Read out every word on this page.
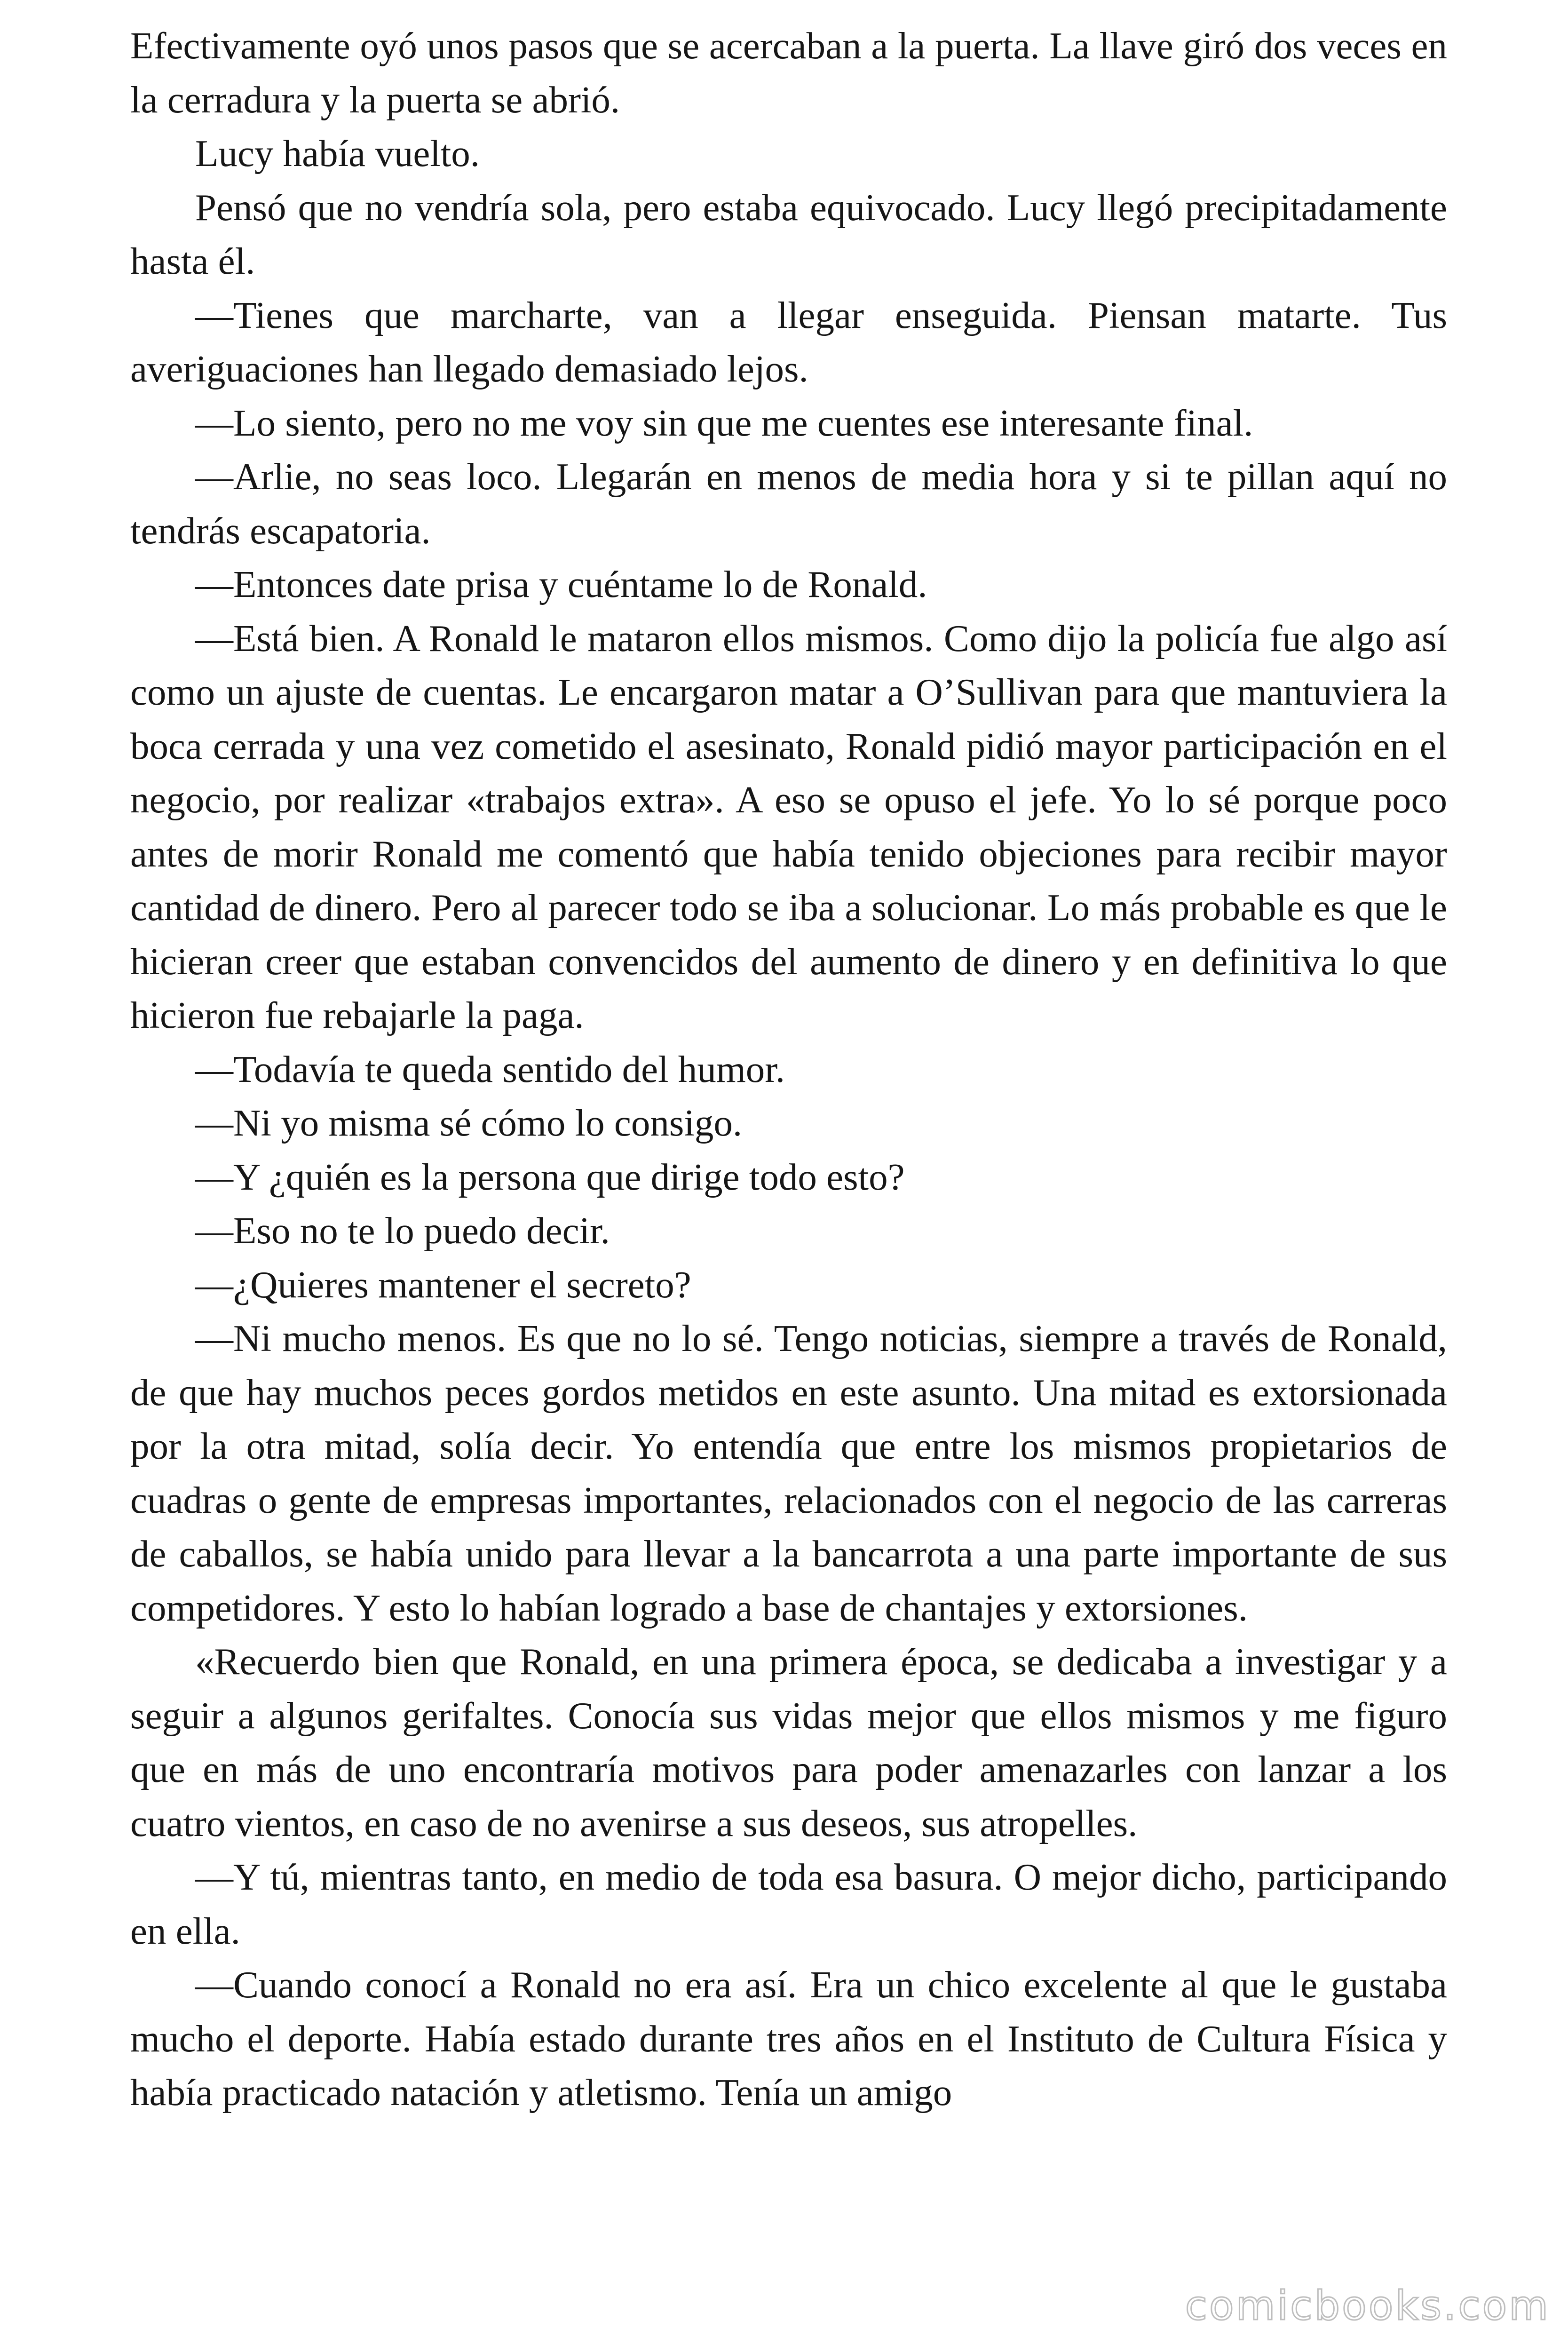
Efectivamente oyó unos pasos que se acercaban a la puerta. La llave giró dos veces en la cerradura y la puerta se abrió.

Lucy había vuelto.

Pensó que no vendría sola, pero estaba equivocado. Lucy llegó precipitadamente hasta él.

—Tienes que marcharte, van a llegar enseguida. Piensan matarte. Tus averiguaciones han llegado demasiado lejos.

—Lo siento, pero no me voy sin que me cuentes ese interesante final.

—Arlie, no seas loco. Llegarán en menos de media hora y si te pillan aquí no tendrás escapatoria.

—Entonces date prisa y cuéntame lo de Ronald.

—Está bien. A Ronald le mataron ellos mismos. Como dijo la policía fue algo así como un ajuste de cuentas. Le encargaron matar a O’Sullivan para que mantuviera la boca cerrada y una vez cometido el asesinato, Ronald pidió mayor participación en el negocio, por realizar «trabajos extra». A eso se opuso el jefe. Yo lo sé porque poco antes de morir Ronald me comentó que había tenido objeciones para recibir mayor cantidad de dinero. Pero al parecer todo se iba a solucionar. Lo más probable es que le hicieran creer que estaban convencidos del aumento de dinero y en definitiva lo que hicieron fue rebajarle la paga.

—Todavía te queda sentido del humor.

—Ni yo misma sé cómo lo consigo.

—Y ¿quién es la persona que dirige todo esto?

—Eso no te lo puedo decir.

—¿Quieres mantener el secreto?

—Ni mucho menos. Es que no lo sé. Tengo noticias, siempre a través de Ronald, de que hay muchos peces gordos metidos en este asunto. Una mitad es extorsionada por la otra mitad, solía decir. Yo entendía que entre los mismos propietarios de cuadras o gente de empresas importantes, relacionados con el negocio de las carreras de caballos, se había unido para llevar a la bancarrota a una parte importante de sus competidores. Y esto lo habían logrado a base de chantajes y extorsiones.

«Recuerdo bien que Ronald, en una primera época, se dedicaba a investigar y a seguir a algunos gerifaltes. Conocía sus vidas mejor que ellos mismos y me figuro que en más de uno encontraría motivos para poder amenazarles con lanzar a los cuatro vientos, en caso de no avenirse a sus deseos, sus atropelles.

—Y tú, mientras tanto, en medio de toda esa basura. O mejor dicho, participando en ella.

—Cuando conocí a Ronald no era así. Era un chico excelente al que le gustaba mucho el deporte. Había estado durante tres años en el Instituto de Cultura Física y había practicado natación y atletismo. Tenía un amigo

comicbooks.com
